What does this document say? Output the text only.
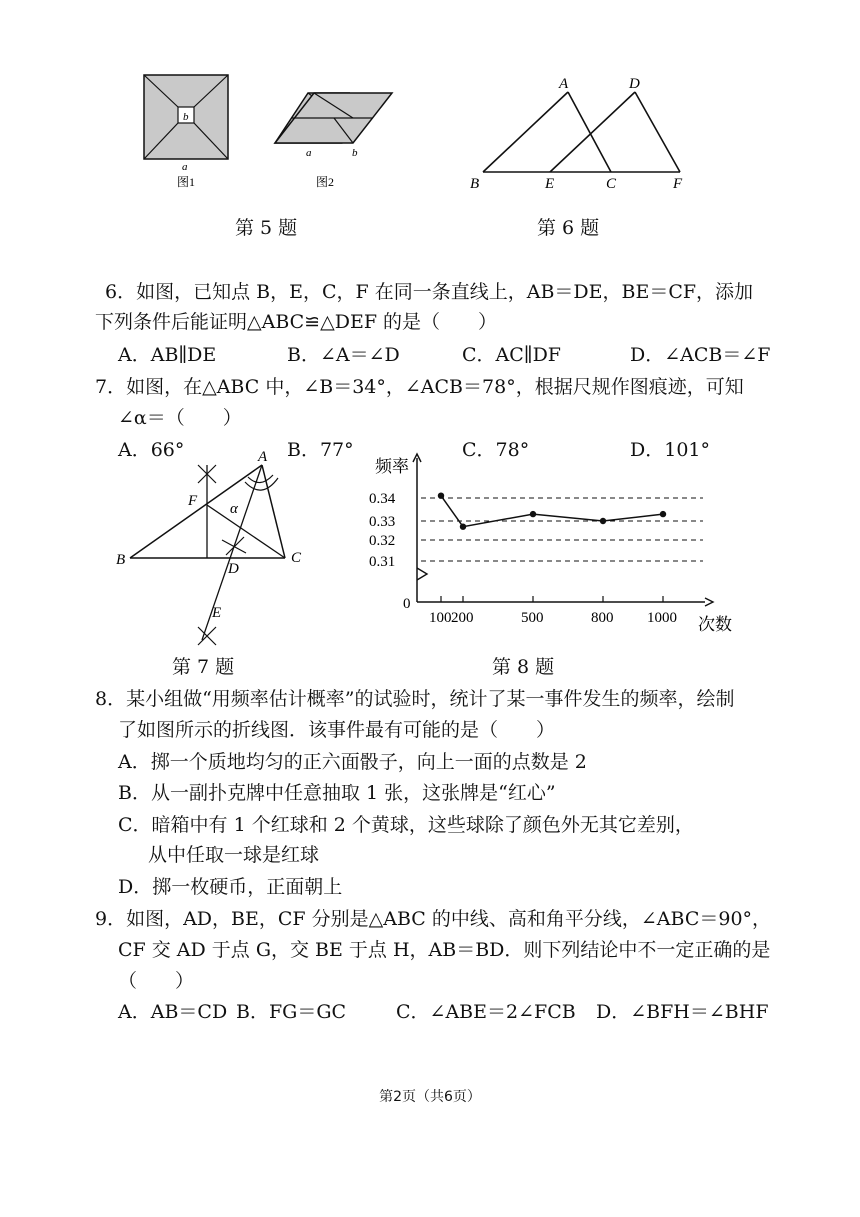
b
a
图1
a	b
图2
第 5 题
A	D
B	E	C	F
第 6 题
6．如图，已知点 B，E，C，F 在同一条直线上，AB＝DE，BE＝CF，添加
下列条件后能证明△ABC≌△DEF 的是（　　）
A．AB∥DE	B．∠A＝∠D	C．AC∥DF	D．∠ACB＝∠F
7．如图，在△ABC 中，∠B＝34°，∠ACB＝78°，根据尺规作图痕迹，可知
∠α＝（　　）
A．66°	B．77°	C．78°	D．101°
A
F α
B	C
D
E
第 7 题
频率
次数
0
0.34
0.33
0.32
0.31
100 200	500	800 1000
第 8 题
8．某小组做“用频率估计概率”的试验时，统计了某一事件发生的频率，绘制
了如图所示的折线图．该事件最有可能的是（　　）
A．掷一个质地均匀的正六面骰子，向上一面的点数是 2
B．从一副扑克牌中任意抽取 1 张，这张牌是“红心”
C．暗箱中有 1 个红球和 2 个黄球，这些球除了颜色外无其它差别，
从中任取一球是红球
D．掷一枚硬币，正面朝上
9．如图，AD，BE，CF 分别是△ABC 的中线、高和角平分线，∠ABC＝90°，
CF 交 AD 于点 G，交 BE 于点 H，AB＝BD．则下列结论中不一定正确的是
（　　）
A．AB＝CD B．FG＝GC	C．∠ABE＝2∠FCB D．∠BFH＝∠BHF
第2页（共6页）
